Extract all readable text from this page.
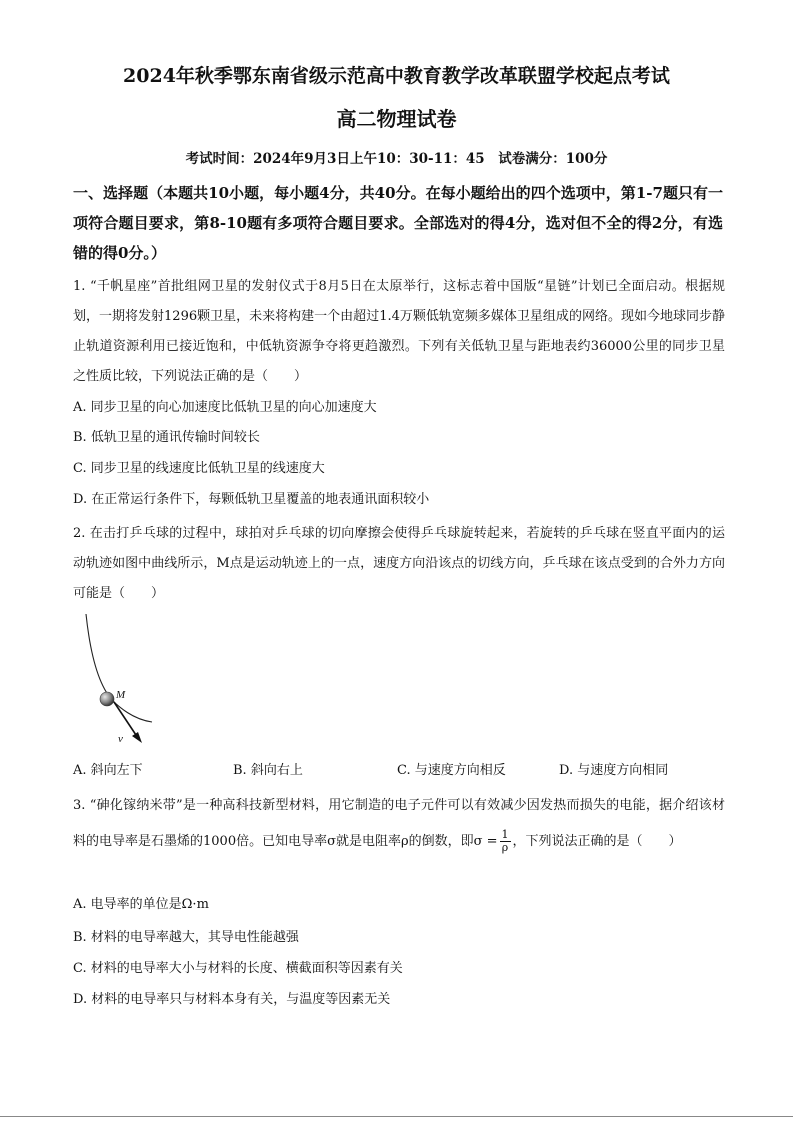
2024年秋季鄂东南省级示范高中教育教学改革联盟学校起点考试
高二物理试卷
考试时间：2024年9月3日上午10：30-11：45　试卷满分：100分
一、选择题（本题共10小题，每小题4分，共40分。在每小题给出的四个选项中，第1-7题只有一项符合题目要求，第8-10题有多项符合题目要求。全部选对的得4分，选对但不全的得2分，有选错的得0分。）
1. “千帆星座”首批组网卫星的发射仪式于8月5日在太原举行，这标志着中国版“星链”计划已全面启动。根据规划，一期将发射1296颗卫星，未来将构建一个由超过1.4万颗低轨宽频多媒体卫星组成的网络。现如今地球同步静止轨道资源利用已接近饱和，中低轨资源争夺将更趋激烈。下列有关低轨卫星与距地表约36000公里的同步卫星之性质比较，下列说法正确的是（　　）
A. 同步卫星的向心加速度比低轨卫星的向心加速度大
B. 低轨卫星的通讯传输时间较长
C. 同步卫星的线速度比低轨卫星的线速度大
D. 在正常运行条件下，每颗低轨卫星覆盖的地表通讯面积较小
2. 在击打乒乓球的过程中，球拍对乒乓球的切向摩擦会使得乒乓球旋转起来，若旋转的乒乓球在竖直平面内的运动轨迹如图中曲线所示，M点是运动轨迹上的一点，速度方向沿该点的切线方向，乒乓球在该点受到的合外力方向可能是（　　）
M
v
A. 斜向左下	B. 斜向右上	C. 与速度方向相反	D. 与速度方向相同
3. “砷化镓纳米带”是一种高科技新型材料，用它制造的电子元件可以有效减少因发热而损失的电能，据介绍该材料的电导率是石墨烯的1000倍。已知电导率σ就是电阻率ρ的倒数，即$\sigma = \frac{1}{\rho}$ ，下列说法正确的是（　　）
A. 电导率的单位是Ω·m
B. 材料的电导率越大，其导电性能越强
C. 材料的电导率大小与材料的长度、横截面积等因素有关
D. 材料的电导率只与材料本身有关，与温度等因素无关
